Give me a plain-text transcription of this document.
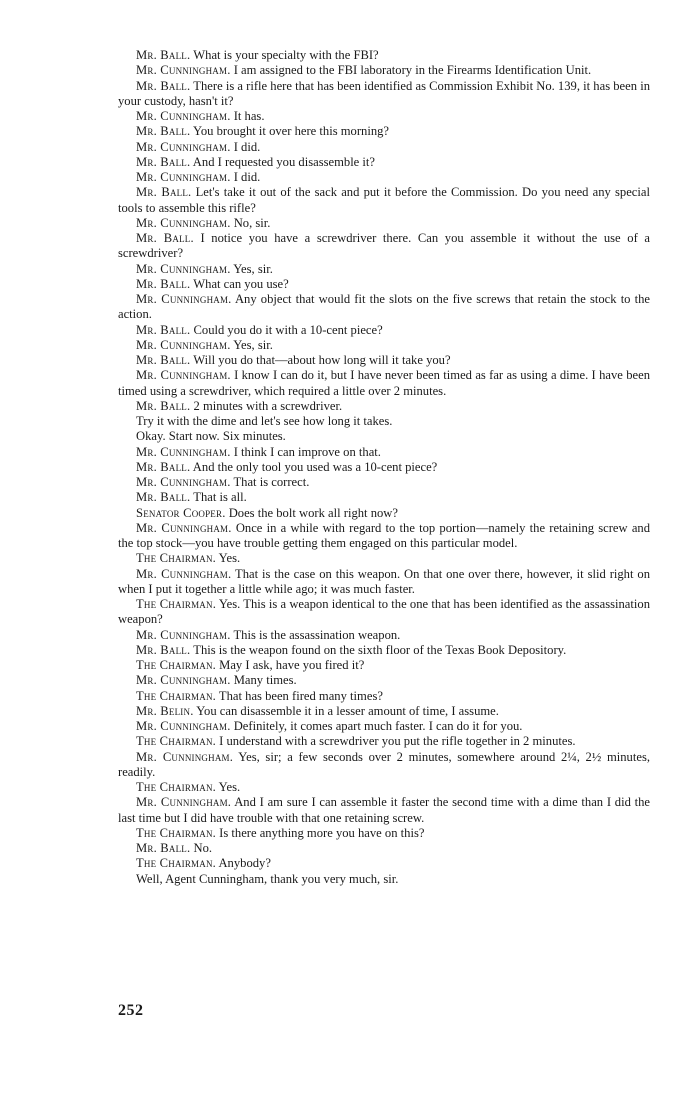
Mr. Ball. What is your specialty with the FBI?

Mr. Cunningham. I am assigned to the FBI laboratory in the Firearms Identification Unit.

Mr. Ball. There is a rifle here that has been identified as Commission Exhibit No. 139, it has been in your custody, hasn't it?

Mr. Cunningham. It has.

Mr. Ball. You brought it over here this morning?

Mr. Cunningham. I did.

Mr. Ball. And I requested you disassemble it?

Mr. Cunningham. I did.

Mr. Ball. Let's take it out of the sack and put it before the Commission. Do you need any special tools to assemble this rifle?

Mr. Cunningham. No, sir.

Mr. Ball. I notice you have a screwdriver there. Can you assemble it without the use of a screwdriver?

Mr. Cunningham. Yes, sir.

Mr. Ball. What can you use?

Mr. Cunningham. Any object that would fit the slots on the five screws that retain the stock to the action.

Mr. Ball. Could you do it with a 10-cent piece?

Mr. Cunningham. Yes, sir.

Mr. Ball. Will you do that—about how long will it take you?

Mr. Cunningham. I know I can do it, but I have never been timed as far as using a dime. I have been timed using a screwdriver, which required a little over 2 minutes.

Mr. Ball. 2 minutes with a screwdriver.

Try it with the dime and let's see how long it takes.

Okay. Start now. Six minutes.

Mr. Cunningham. I think I can improve on that.

Mr. Ball. And the only tool you used was a 10-cent piece?

Mr. Cunningham. That is correct.

Mr. Ball. That is all.

Senator Cooper. Does the bolt work all right now?

Mr. Cunningham. Once in a while with regard to the top portion—namely the retaining screw and the top stock—you have trouble getting them engaged on this particular model.

The Chairman. Yes.

Mr. Cunningham. That is the case on this weapon. On that one over there, however, it slid right on when I put it together a little while ago; it was much faster.

The Chairman. Yes. This is a weapon identical to the one that has been identified as the assassination weapon?

Mr. Cunningham. This is the assassination weapon.

Mr. Ball. This is the weapon found on the sixth floor of the Texas Book Depository.

The Chairman. May I ask, have you fired it?

Mr. Cunningham. Many times.

The Chairman. That has been fired many times?

Mr. Belin. You can disassemble it in a lesser amount of time, I assume.

Mr. Cunningham. Definitely, it comes apart much faster. I can do it for you.

The Chairman. I understand with a screwdriver you put the rifle together in 2 minutes.

Mr. Cunningham. Yes, sir; a few seconds over 2 minutes, somewhere around 2¼, 2½ minutes, readily.

The Chairman. Yes.

Mr. Cunningham. And I am sure I can assemble it faster the second time with a dime than I did the last time but I did have trouble with that one retaining screw.

The Chairman. Is there anything more you have on this?

Mr. Ball. No.

The Chairman. Anybody?

Well, Agent Cunningham, thank you very much, sir.

252
